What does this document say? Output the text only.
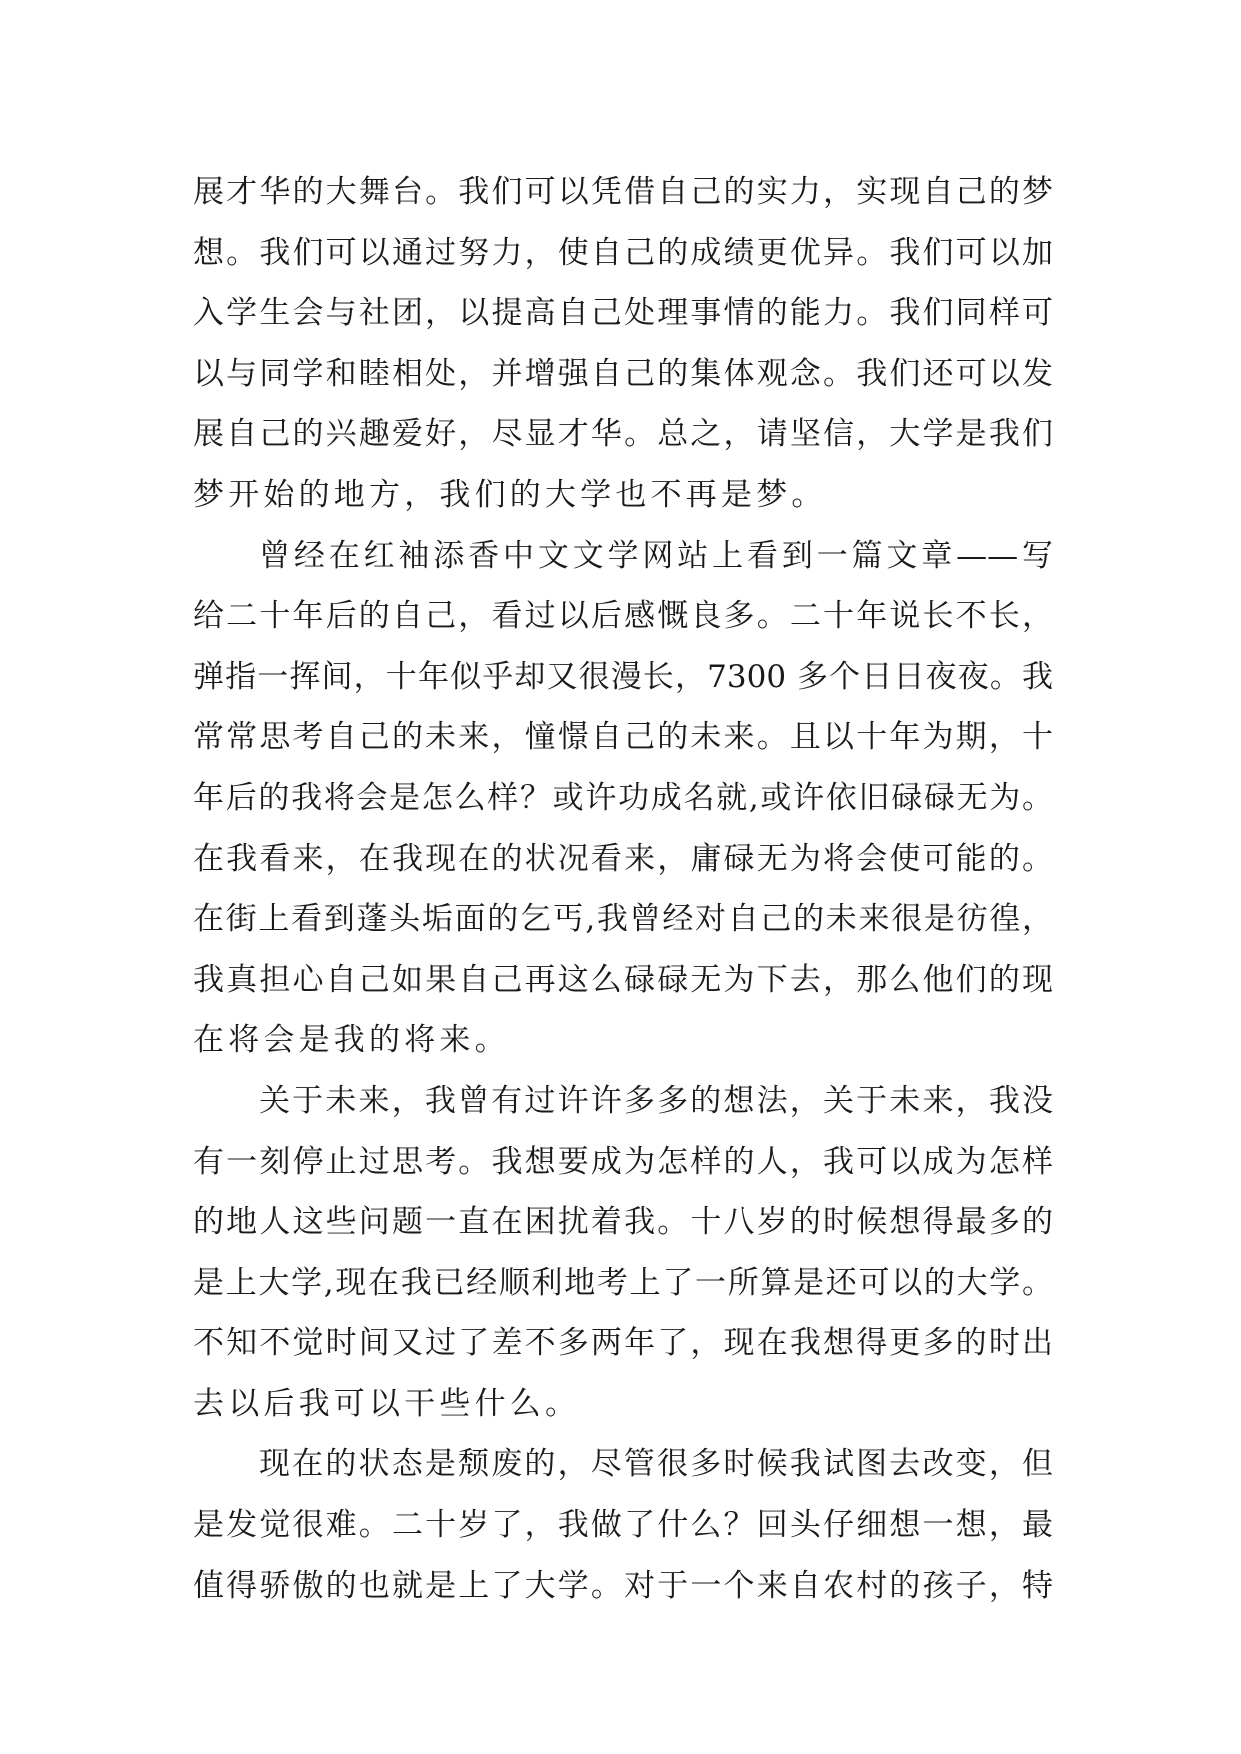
展才华的大舞台。我们可以凭借自己的实力，实现自己的梦
想。我们可以通过努力，使自己的成绩更优异。我们可以加
入学生会与社团，以提高自己处理事情的能力。我们同样可
以与同学和睦相处，并增强自己的集体观念。我们还可以发
展自己的兴趣爱好，尽显才华。总之，请坚信，大学是我们
梦开始的地方，我们的大学也不再是梦。
曾经在红袖添香中文文学网站上看到一篇文章——写
给二十年后的自己，看过以后感慨良多。二十年说长不长，
弹指一挥间，十年似乎却又很漫长，7300 多个日日夜夜。我
常常思考自己的未来，憧憬自己的未来。且以十年为期，十
年后的我将会是怎么样？或许功成名就,或许依旧碌碌无为。
在我看来，在我现在的状况看来，庸碌无为将会使可能的。
在街上看到蓬头垢面的乞丐,我曾经对自己的未来很是彷徨，
我真担心自己如果自己再这么碌碌无为下去，那么他们的现
在将会是我的将来。
关于未来，我曾有过许许多多的想法，关于未来，我没
有一刻停止过思考。我想要成为怎样的人，我可以成为怎样
的地人这些问题一直在困扰着我。十八岁的时候想得最多的
是上大学,现在我已经顺利地考上了一所算是还可以的大学。
不知不觉时间又过了差不多两年了，现在我想得更多的时出
去以后我可以干些什么。
现在的状态是颓废的，尽管很多时候我试图去改变，但
是发觉很难。二十岁了，我做了什么？回头仔细想一想，最
值得骄傲的也就是上了大学。对于一个来自农村的孩子，特
